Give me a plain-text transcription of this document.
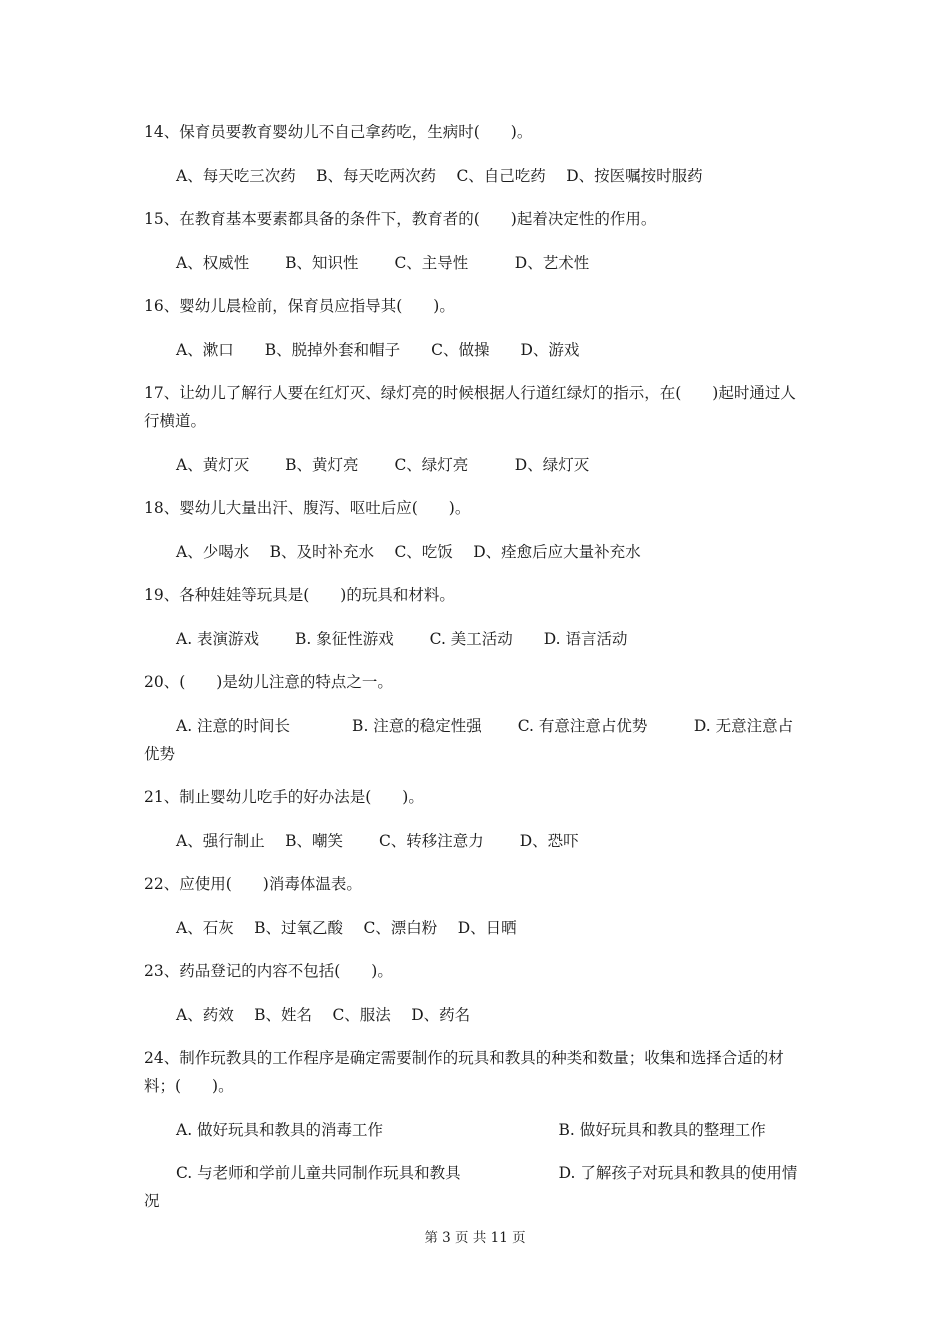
14、保育员要教育婴幼儿不自己拿药吃，生病时(　　)。

A、每天吃三次药　 B、每天吃两次药　 C、自己吃药　 D、按医嘱按时服药

15、在教育基本要素都具备的条件下，教育者的(　　)起着决定性的作用。

A、权威性　　 B、知识性　　 C、主导性　　　D、艺术性

16、婴幼儿晨检前，保育员应指导其(　　)。

A、漱口　　B、脱掉外套和帽子　　C、做操　　D、游戏

17、让幼儿了解行人要在红灯灭、绿灯亮的时候根据人行道红绿灯的指示，在(　　)起时通过人行横道。

A、黄灯灭　　 B、黄灯亮　　 C、绿灯亮　　　D、绿灯灭

18、婴幼儿大量出汗、腹泻、呕吐后应(　　)。

A、少喝水　 B、及时补充水　 C、吃饭　 D、痊愈后应大量补充水

19、各种娃娃等玩具是(　　)的玩具和材料。

A. 表演游戏　　 B. 象征性游戏　　 C. 美工活动　　D. 语言活动

20、(　　)是幼儿注意的特点之一。

A. 注意的时间长　　　　B. 注意的稳定性强　　 C. 有意注意占优势　　　D. 无意注意占优势

21、制止婴幼儿吃手的好办法是(　　)。

A、强行制止　 B、嘲笑　　 C、转移注意力　　 D、恐吓

22、应使用(　　)消毒体温表。

A、石灰　 B、过氧乙酸　 C、漂白粉　 D、日晒

23、药品登记的内容不包括(　　)。

A、药效　 B、姓名　 C、服法　 D、药名

24、制作玩教具的工作程序是确定需要制作的玩具和教具的种类和数量；收集和选择合适的材料；(　　)。

A. 做好玩具和教具的消毒工作　　　　　　　　　　　 B. 做好玩具和教具的整理工作
C. 与老师和学前儿童共同制作玩具和教具　　　　　　 D. 了解孩子对玩具和教具的使用情况
第 3 页 共 11 页
